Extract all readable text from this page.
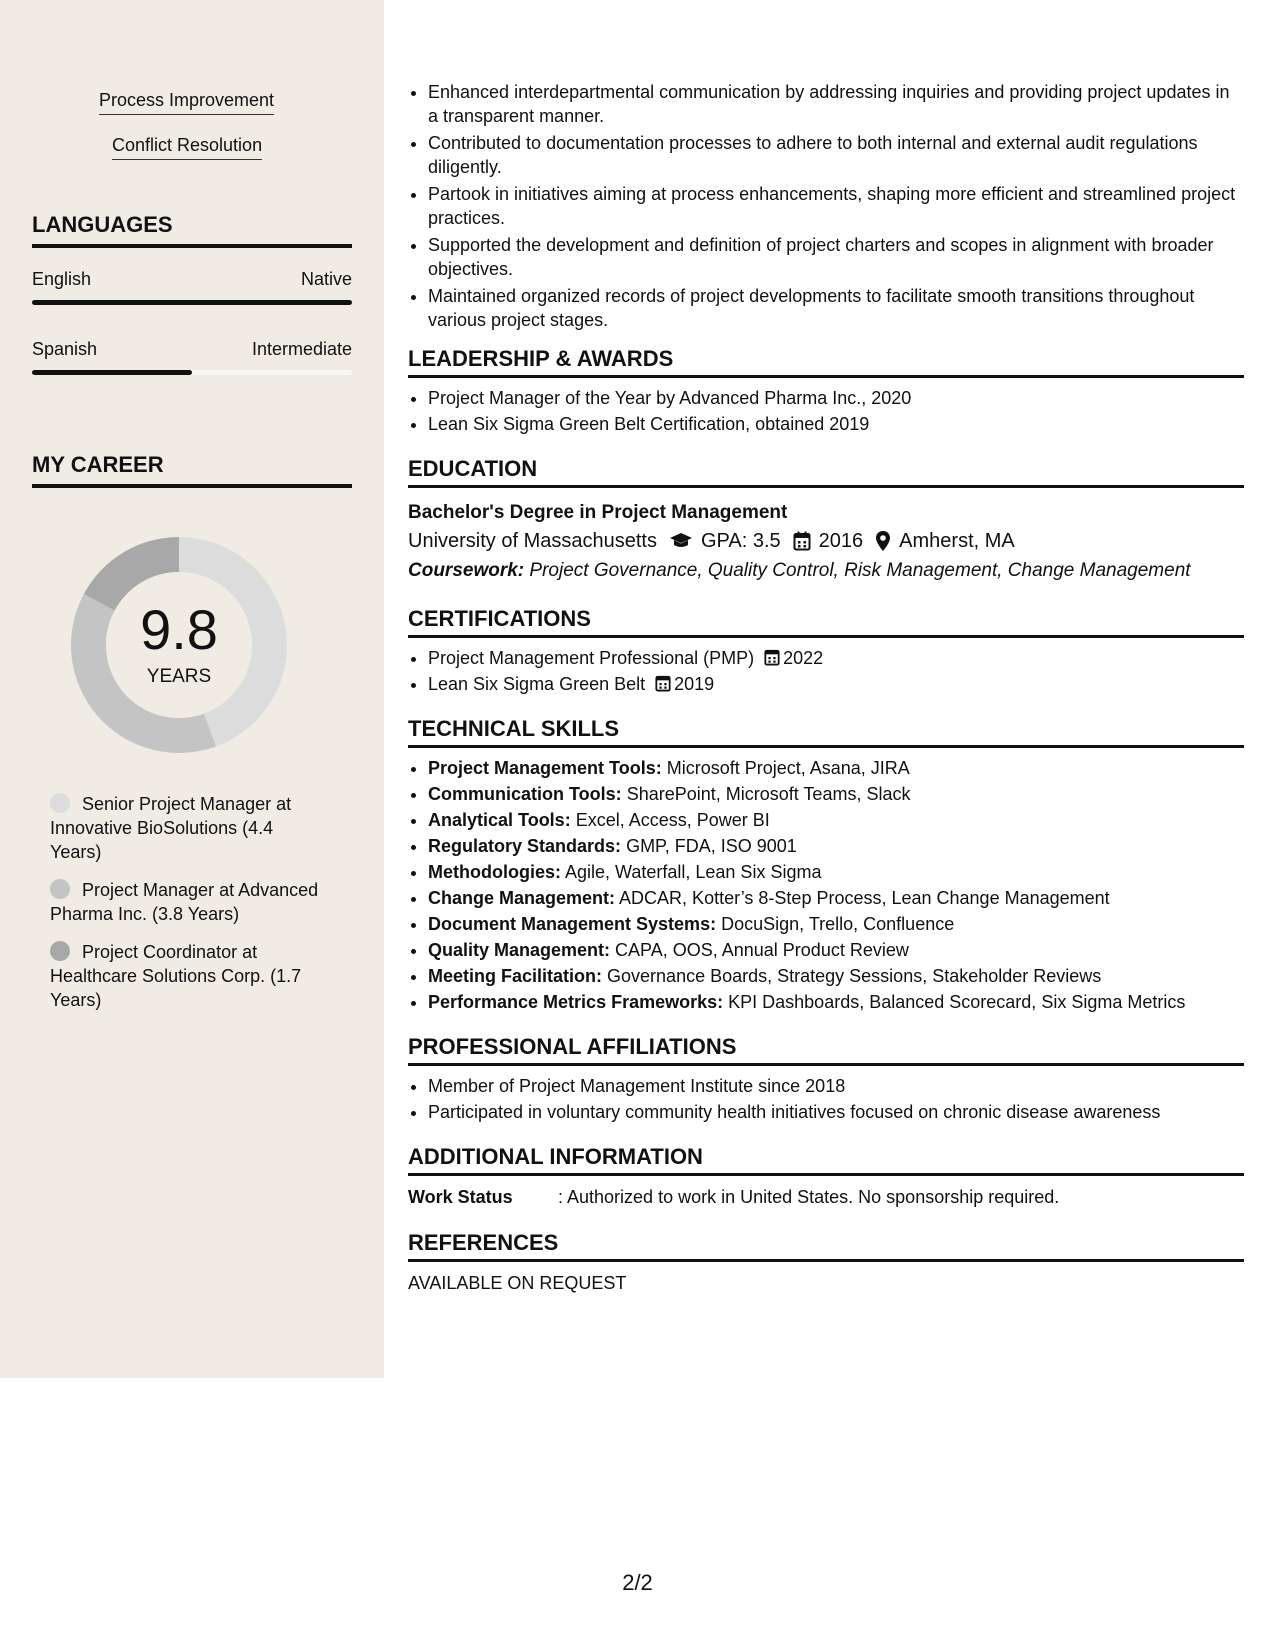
Process Improvement
Conflict Resolution
LANGUAGES
English	Native
Spanish	Intermediate
MY CAREER
9.8
YEARS
Senior Project Manager at Innovative BioSolutions (4.4 Years)
Project Manager at Advanced Pharma Inc. (3.8 Years)
Project Coordinator at Healthcare Solutions Corp. (1.7 Years)
• Enhanced interdepartmental communication by addressing inquiries and providing project updates in a transparent manner.
• Contributed to documentation processes to adhere to both internal and external audit regulations diligently.
• Partook in initiatives aiming at process enhancements, shaping more efficient and streamlined project practices.
• Supported the development and definition of project charters and scopes in alignment with broader objectives.
• Maintained organized records of project developments to facilitate smooth transitions throughout various project stages.
LEADERSHIP & AWARDS
• Project Manager of the Year by Advanced Pharma Inc., 2020
• Lean Six Sigma Green Belt Certification, obtained 2019
EDUCATION
Bachelor's Degree in Project Management
University of Massachusetts GPA: 3.5 2016 Amherst, MA
Coursework: Project Governance, Quality Control, Risk Management, Change Management
CERTIFICATIONS
• Project Management Professional (PMP) 2022
• Lean Six Sigma Green Belt 2019
TECHNICAL SKILLS
• Project Management Tools: Microsoft Project, Asana, JIRA
• Communication Tools: SharePoint, Microsoft Teams, Slack
• Analytical Tools: Excel, Access, Power BI
• Regulatory Standards: GMP, FDA, ISO 9001
• Methodologies: Agile, Waterfall, Lean Six Sigma
• Change Management: ADCAR, Kotter’s 8-Step Process, Lean Change Management
• Document Management Systems: DocuSign, Trello, Confluence
• Quality Management: CAPA, OOS, Annual Product Review
• Meeting Facilitation: Governance Boards, Strategy Sessions, Stakeholder Reviews
• Performance Metrics Frameworks: KPI Dashboards, Balanced Scorecard, Six Sigma Metrics
PROFESSIONAL AFFILIATIONS
• Member of Project Management Institute since 2018
• Participated in voluntary community health initiatives focused on chronic disease awareness
ADDITIONAL INFORMATION
Work Status	: Authorized to work in United States. No sponsorship required.
REFERENCES
AVAILABLE ON REQUEST
2/2
